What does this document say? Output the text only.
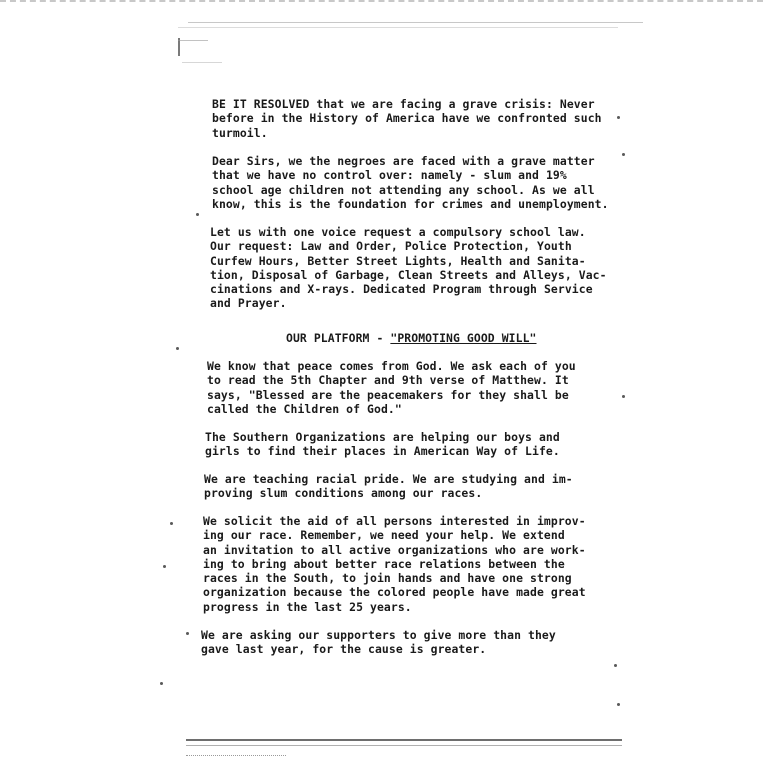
BE IT RESOLVED that we are facing a grave crisis: Never
before in the History of America have we confronted such
turmoil.
Dear Sirs, we the negroes are faced with a grave matter
that we have no control over: namely - slum and 19%
school age children not attending any school. As we all
know, this is the foundation for crimes and unemployment.
Let us with one voice request a compulsory school law.
Our request: Law and Order, Police Protection, Youth
Curfew Hours, Better Street Lights, Health and Sanita-
tion, Disposal of Garbage, Clean Streets and Alleys, Vac-
cinations and X-rays. Dedicated Program through Service
and Prayer.
OUR PLATFORM - "PROMOTING GOOD WILL"
We know that peace comes from God. We ask each of you
to read the 5th Chapter and 9th verse of Matthew. It
says, "Blessed are the peacemakers for they shall be
called the Children of God."
The Southern Organizations are helping our boys and
girls to find their places in American Way of Life.
We are teaching racial pride. We are studying and im-
proving slum conditions among our races.
We solicit the aid of all persons interested in improv-
ing our race. Remember, we need your help. We extend
an invitation to all active organizations who are work-
ing to bring about better race relations between the
races in the South, to join hands and have one strong
organization because the colored people have made great
progress in the last 25 years.
We are asking our supporters to give more than they
gave last year, for the cause is greater.
